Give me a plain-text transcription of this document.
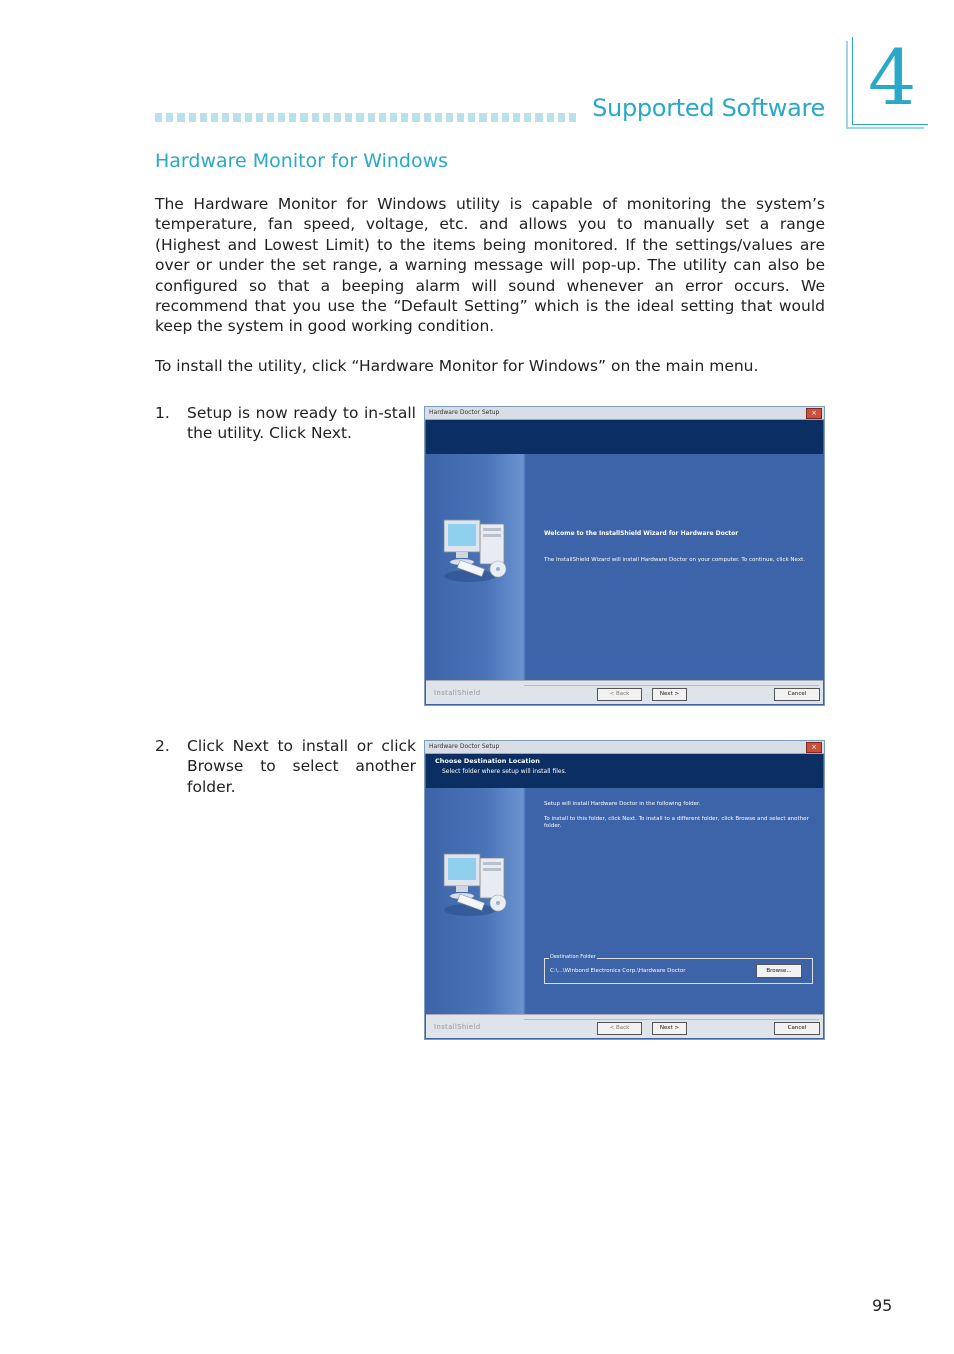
Supported Software 4
Hardware Monitor for Windows
The Hardware Monitor for Windows utility is capable of monitoring the system’s temperature, fan speed, voltage, etc. and allows you to manually set a range (Highest and Lowest Limit) to the items being monitored. If the settings/values are over or under the set range, a warning message will pop-up. The utility can also be configured so that a beeping alarm will sound whenever an error occurs. We recommend that you use the “Default Setting” which is the ideal setting that would keep the system in good working condition.
To install the utility, click “Hardware Monitor for Windows” on the main menu.
1. Setup is now ready to in-stall the utility. Click Next.
2. Click Next to install or click Browse to select another folder.
Hardware Doctor Setup	×
Welcome to the InstallShield Wizard for Hardware Doctor
The InstallShield Wizard will install Hardware Doctor on your computer. To continue, click Next.
InstallShield	< Back	Next >	Cancel
Hardware Doctor Setup	×
Choose Destination Location
Select folder where setup will install files.
Setup will install Hardware Doctor in the following folder.
To install to this folder, click Next. To install to a different folder, click Browse and select another folder.
Destination Folder
C:\...\Winbond Electronics Corp.\Hardware Doctor	Browse...
InstallShield	< Back	Next >	Cancel
95
